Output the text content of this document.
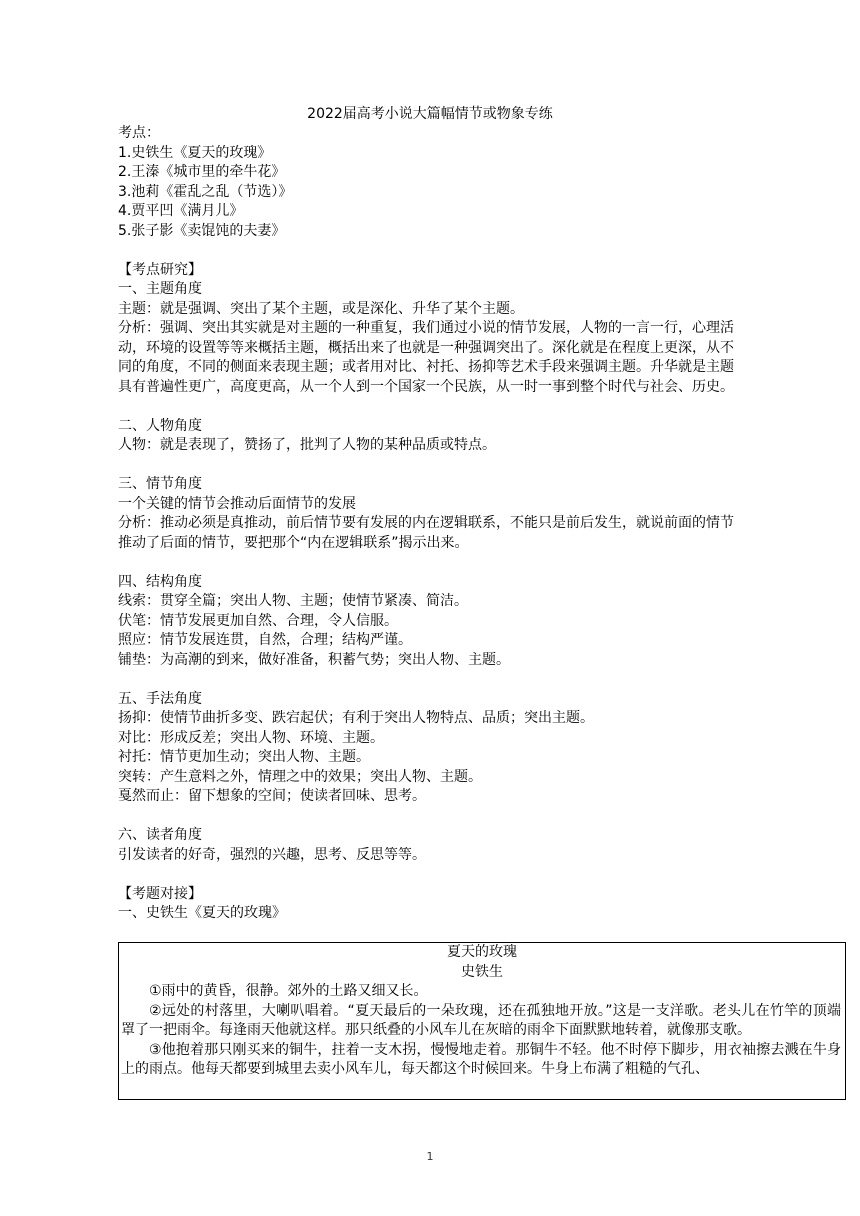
2022届高考小说大篇幅情节或物象专练
考点：
1.史铁生《夏天的玫瑰》
2.王溱《城市里的牵牛花》
3.池莉《霍乱之乱（节选）》
4.贾平凹《满月儿》
5.张子影《卖馄饨的夫妻》
【考点研究】
一、主题角度
主题：就是强调、突出了某个主题，或是深化、升华了某个主题。
分析：强调、突出其实就是对主题的一种重复，我们通过小说的情节发展，人物的一言一行，心理活动，环境的设置等等来概括主题，概括出来了也就是一种强调突出了。深化就是在程度上更深，从不同的角度，不同的侧面来表现主题；或者用对比、衬托、扬抑等艺术手段来强调主题。升华就是主题具有普遍性更广，高度更高，从一个人到一个国家一个民族，从一时一事到整个时代与社会、历史。
二、人物角度
人物：就是表现了，赞扬了，批判了人物的某种品质或特点。
三、情节角度
一个关键的情节会推动后面情节的发展
分析：推动必须是真推动，前后情节要有发展的内在逻辑联系，不能只是前后发生，就说前面的情节推动了后面的情节，要把那个“内在逻辑联系”揭示出来。
四、结构角度
线索：贯穿全篇；突出人物、主题；使情节紧凑、简洁。
伏笔：情节发展更加自然、合理，令人信服。
照应：情节发展连贯，自然，合理；结构严谨。
铺垫：为高潮的到来，做好准备，积蓄气势；突出人物、主题。
五、手法角度
扬抑：使情节曲折多变、跌宕起伏；有利于突出人物特点、品质；突出主题。
对比：形成反差；突出人物、环境、主题。
衬托：情节更加生动；突出人物、主题。
突转：产生意料之外，情理之中的效果；突出人物、主题。
戛然而止：留下想象的空间；使读者回味、思考。
六、读者角度
引发读者的好奇，强烈的兴趣，思考、反思等等。
【考题对接】
一、史铁生《夏天的玫瑰》
夏天的玫瑰
史铁生
①雨中的黄昏，很静。郊外的土路又细又长。
②远处的村落里，大喇叭唱着。“夏天最后的一朵玫瑰，还在孤独地开放。”这是一支洋歌。老头儿在竹竿的顶端罩了一把雨伞。每逢雨天他就这样。那只纸叠的小风车儿在灰暗的雨伞下面默默地转着，就像那支歌。
③他抱着那只刚买来的铜牛，拄着一支木拐，慢慢地走着。那铜牛不轻。他不时停下脚步，用衣袖擦去溅在牛身上的雨点。他每天都要到城里去卖小风车儿，每天都这个时候回来。牛身上布满了粗糙的气孔、
1
